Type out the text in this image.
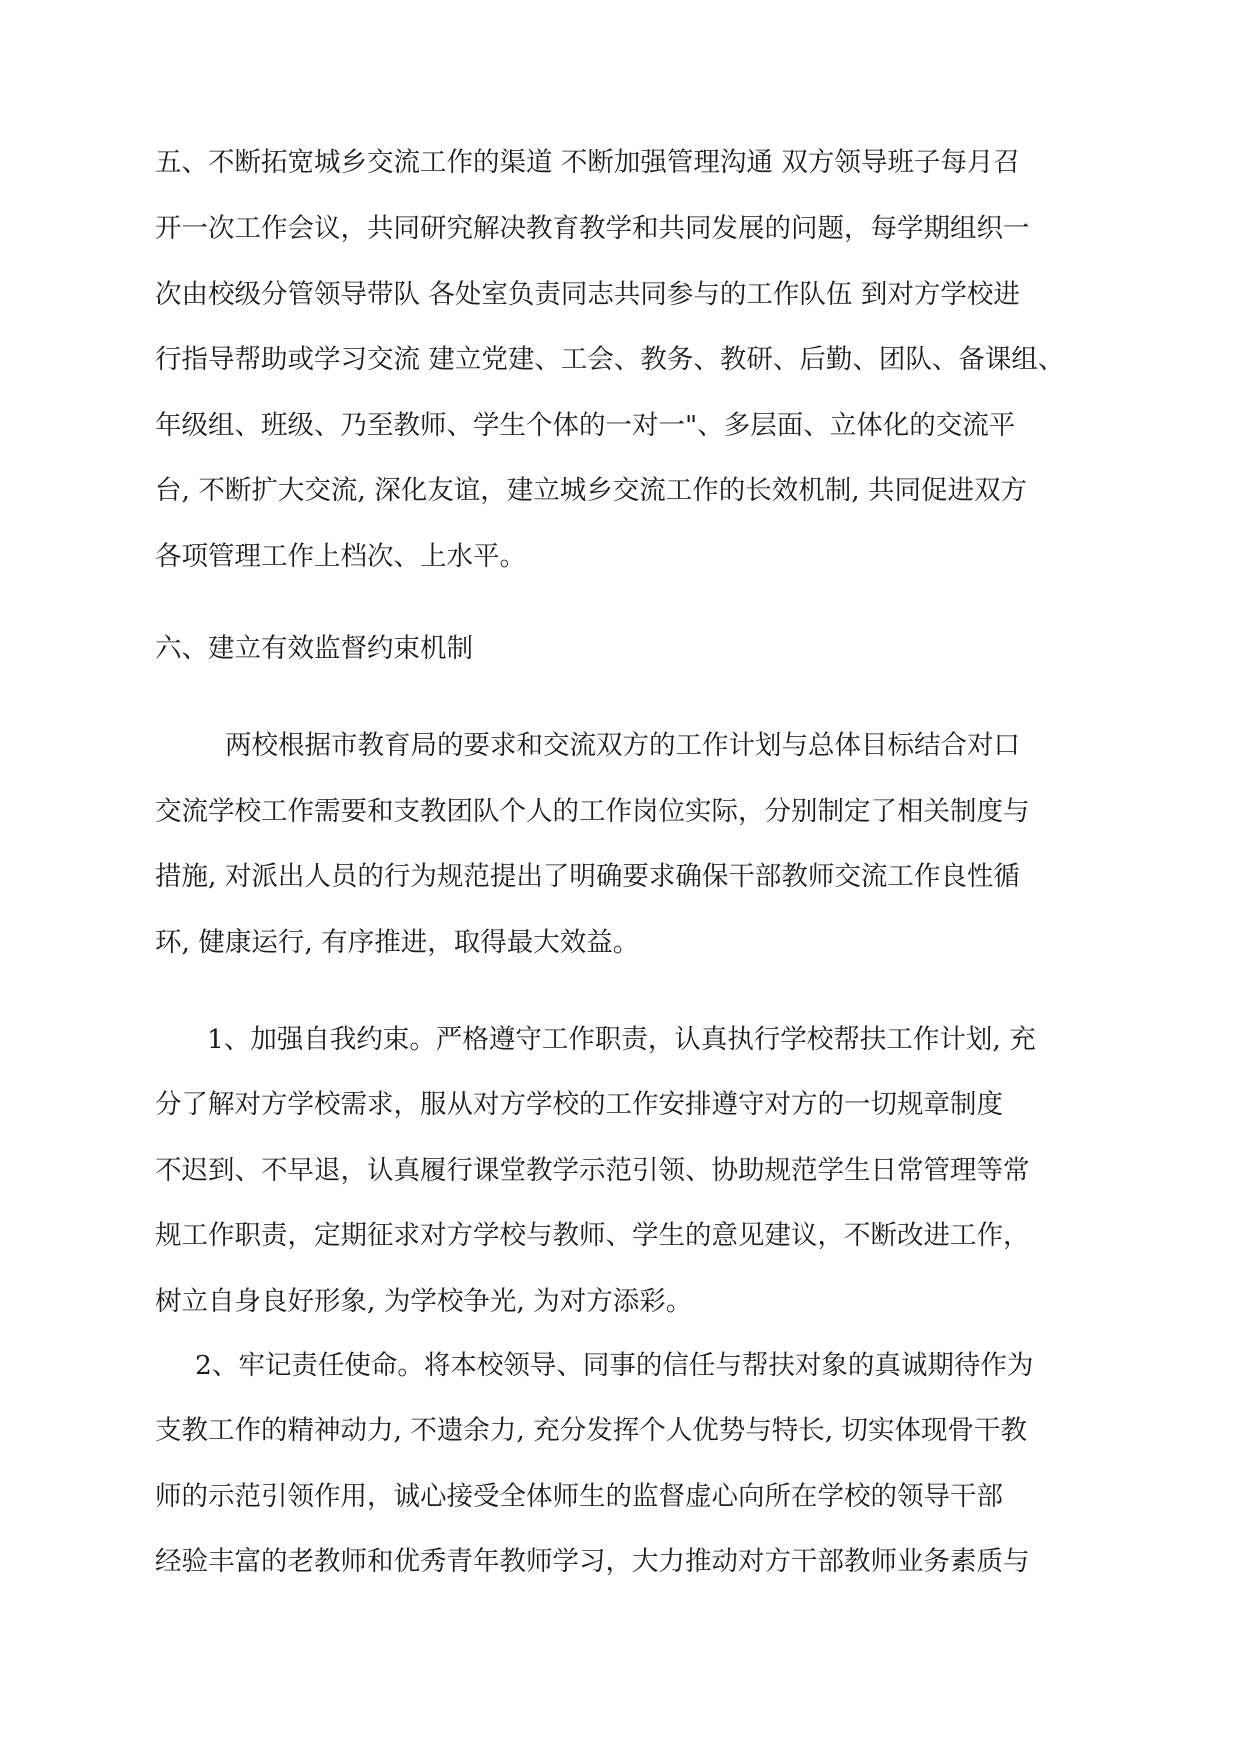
五、不断拓宽城乡交流工作的渠道 不断加强管理沟通 双方领导班子每月召
开一次工作会议，共同研究解决教育教学和共同发展的问题，每学期组织一
次由校级分管领导带队 各处室负责同志共同参与的工作队伍 到对方学校进
行指导帮助或学习交流 建立党建、工会、教务、教研、后勤、团队、备课组、
年级组、班级、乃至教师、学生个体的一对一"、多层面、立体化的交流平
台, 不断扩大交流, 深化友谊，建立城乡交流工作的长效机制, 共同促进双方
各项管理工作上档次、上水平。
六、建立有效监督约束机制
两校根据市教育局的要求和交流双方的工作计划与总体目标结合对口
交流学校工作需要和支教团队个人的工作岗位实际，分别制定了相关制度与
措施, 对派出人员的行为规范提出了明确要求确保干部教师交流工作良性循
环, 健康运行, 有序推进，取得最大效益。
1、加强自我约束。严格遵守工作职责，认真执行学校帮扶工作计划, 充
分了解对方学校需求，服从对方学校的工作安排遵守对方的一切规章制度
不迟到、不早退，认真履行课堂教学示范引领、协助规范学生日常管理等常
规工作职责，定期征求对方学校与教师、学生的意见建议，不断改进工作，
树立自身良好形象, 为学校争光, 为对方添彩。
2、牢记责任使命。将本校领导、同事的信任与帮扶对象的真诚期待作为
支教工作的精神动力, 不遗余力, 充分发挥个人优势与特长, 切实体现骨干教
师的示范引领作用，诚心接受全体师生的监督虚心向所在学校的领导干部
经验丰富的老教师和优秀青年教师学习，大力推动对方干部教师业务素质与
